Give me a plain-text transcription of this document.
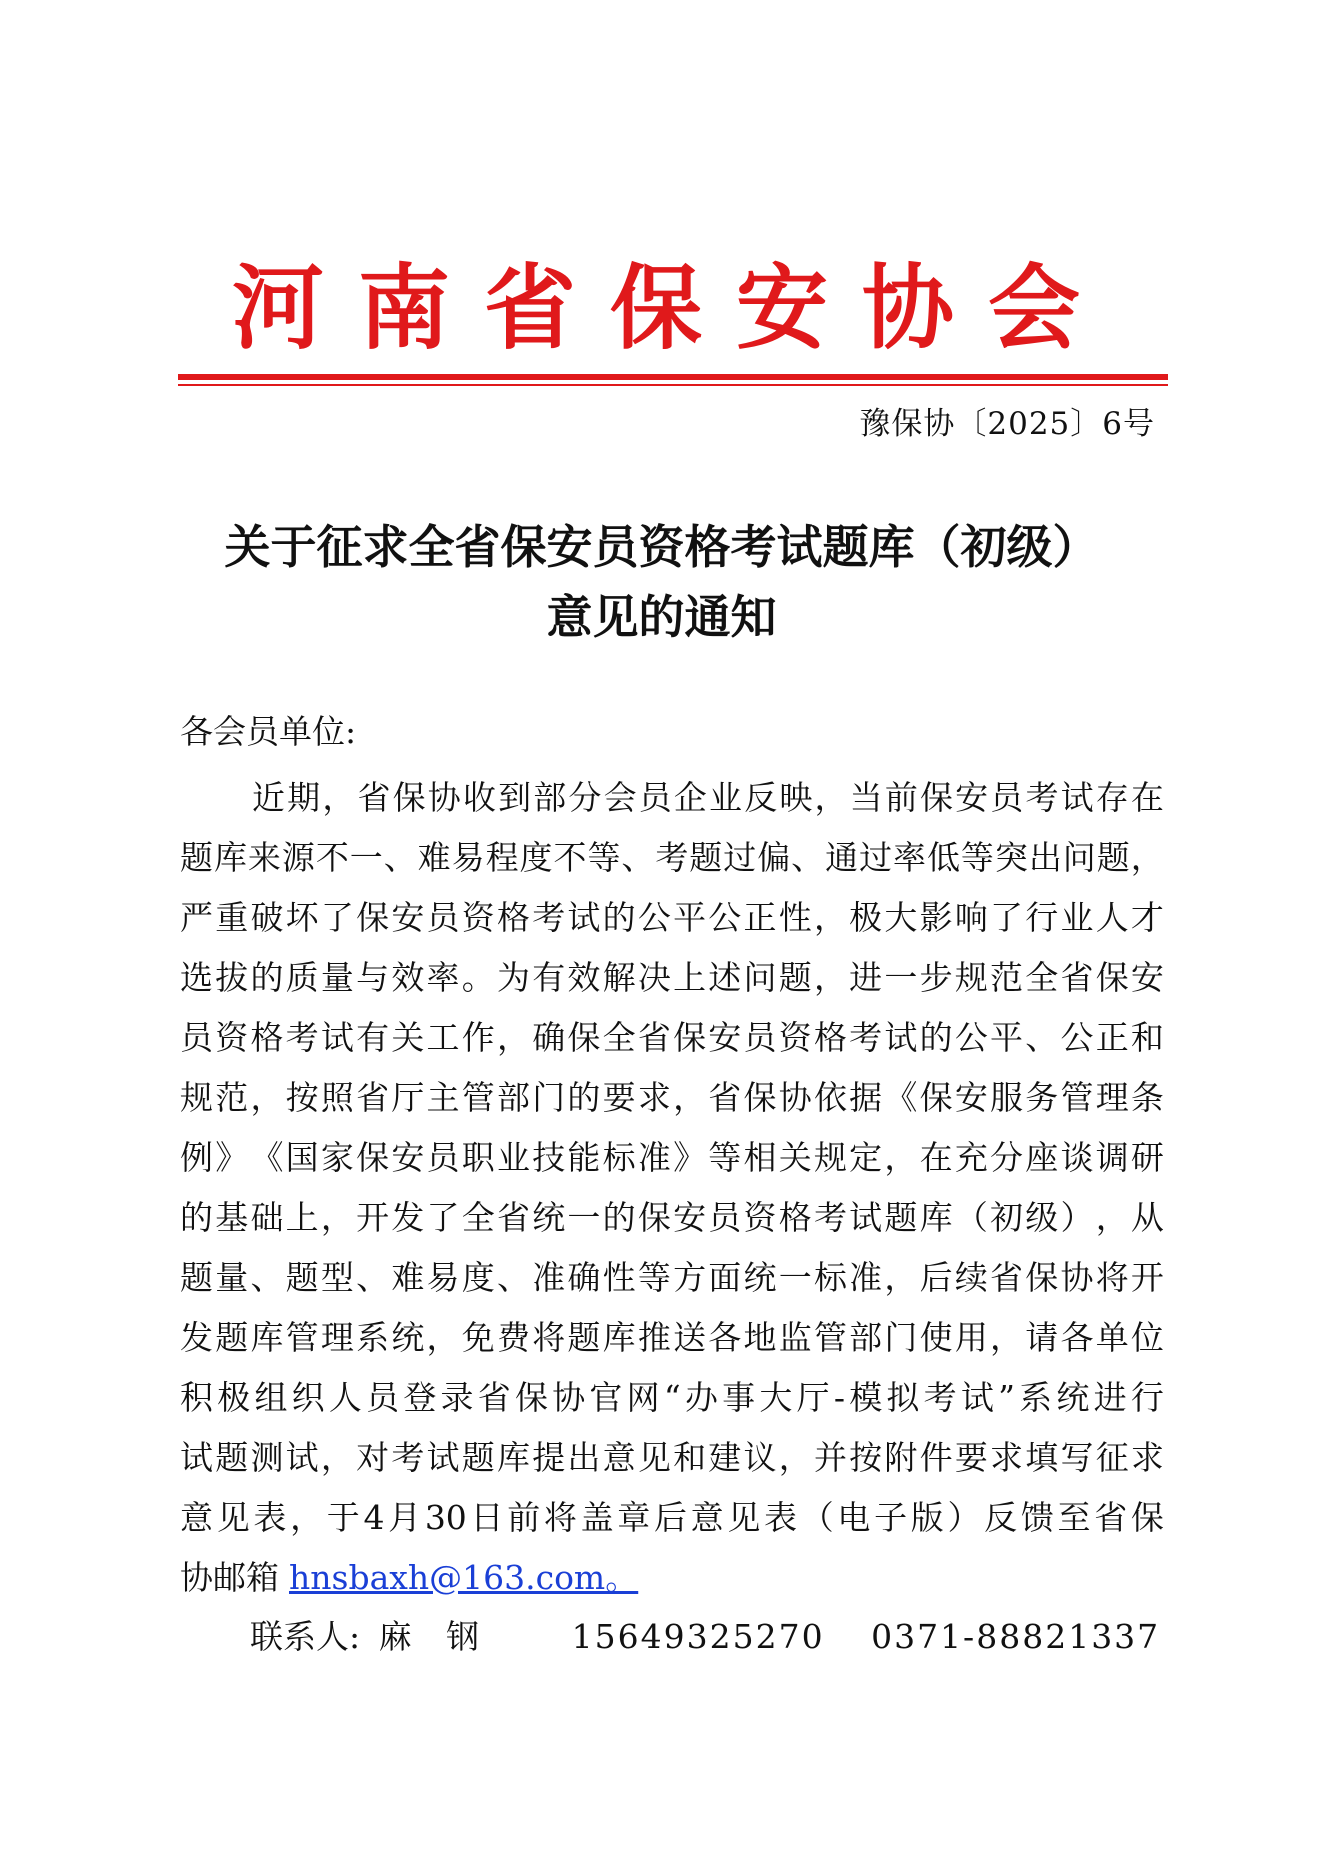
河南省保安协会
豫保协〔2025〕6号
关于征求全省保安员资格考试题库（初级）
意见的通知
各会员单位:
近 期 ， 省 保 协 收 到 部 分 会 员 企 业 反 映 ， 当 前 保 安 员 考 试 存 在
题 库 来 源 不 一 、 难 易 程 度 不 等 、 考 题 过 偏 、 通 过 率 低 等 突 出 问 题 ，
严 重 破 坏 了 保 安 员 资 格 考 试 的 公 平 公 正 性 ， 极 大 影 响 了 行 业 人 才
选 拔 的 质 量 与 效 率 。 为 有 效 解 决 上 述 问 题 ， 进 一 步 规 范 全 省 保 安
员 资 格 考 试 有 关 工 作 ， 确 保 全 省 保 安 员 资 格 考 试 的 公 平 、 公 正 和
规 范 ， 按 照 省 厅 主 管 部 门 的 要 求 ， 省 保 协 依 据 《 保 安 服 务 管 理 条
例 》 《 国 家 保 安 员 职 业 技 能 标 准 》 等 相 关 规 定 ， 在 充 分 座 谈 调 研
的 基 础 上 ， 开 发 了 全 省 统 一 的 保 安 员 资 格 考 试 题 库 （ 初 级 ） ， 从
题 量 、 题 型 、 难 易 度 、 准 确 性 等 方 面 统 一 标 准 ， 后 续 省 保 协 将 开
发 题 库 管 理 系 统 ， 免 费 将 题 库 推 送 各 地 监 管 部 门 使 用 ， 请 各 单 位
积 极 组 织 人 员 登 录 省 保 协 官 网 “ 办 事 大 厅 - 模 拟 考 试 ” 系 统 进 行
试 题 测 试 ， 对 考 试 题 库 提 出 意 见 和 建 议 ， 并 按 附 件 要 求 填 写 征 求
意 见 表 ， 于 4 月 30 日 前 将 盖 章 后 意 见 表 （ 电 子 版 ） 反 馈 至 省 保
协邮箱 hnsbaxh@163.com。
联系人: 麻 钢 15649325270 0371-88821337
